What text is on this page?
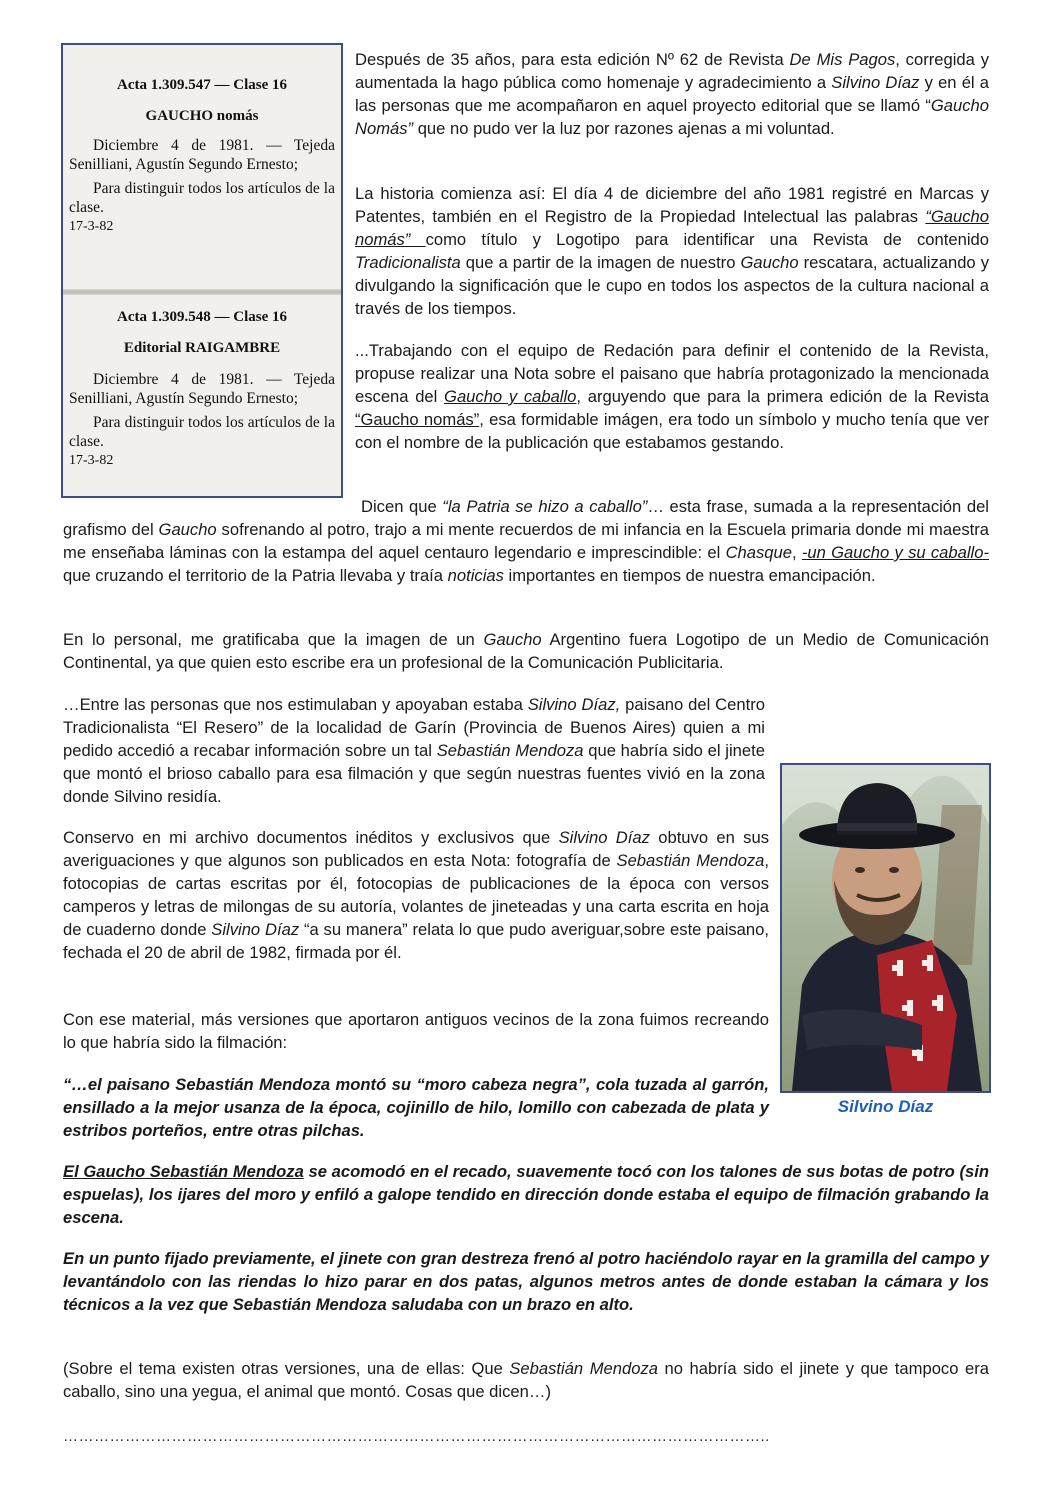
Acta 1.309.547 — Clase 16
GAUCHO nomás
Diciembre 4 de 1981. — Tejeda Senilliani, Agustín Segundo Ernesto;
Para distinguir todos los artículos de la clase.
17-3-82
Acta 1.309.548 — Clase 16
Editorial RAIGAMBRE
Diciembre 4 de 1981. — Tejeda Senilliani, Agustín Segundo Ernesto;
Para distinguir todos los artículos de la clase.
17-3-82

Después de 35 años, para esta edición Nº 62 de Revista De Mis Pagos, corregida y aumentada la hago pública como homenaje y agradecimiento a Silvino Díaz y en él a las personas que me acompañaron en aquel proyecto editorial que se llamó “Gaucho Nomás” que no pudo ver la luz por razones ajenas a mi voluntad.

La historia comienza así: El día 4 de diciembre del año 1981 registré en Marcas y Patentes, también en el Registro de la Propiedad Intelectual las palabras “Gaucho nomás” como título y Logotipo para identificar una Revista de contenido Tradicionalista que a partir de la imagen de nuestro Gaucho rescatara, actualizando y divulgando la significación que le cupo en todos los aspectos de la cultura nacional a través de los tiempos.

...Trabajando con el equipo de Redación para definir el contenido de la Revista, propuse realizar una Nota sobre el paisano que habría protagonizado la mencionada escena del Gaucho y caballo, arguyendo que para la primera edición de la Revista “Gaucho nomás”, esa formidable imágen, era todo un símbolo y mucho tenía que ver con el nombre de la publicación que estabamos gestando.

Dicen que “la Patria se hizo a caballo”… esta frase, sumada a la representación del grafismo del Gaucho sofrenando al potro, trajo a mi mente recuerdos de mi infancia en la Escuela primaria donde mi maestra me enseñaba láminas con la estampa del aquel centauro legendario e imprescindible: el Chasque, -un Gaucho y su caballo- que cruzando el territorio de la Patria llevaba y traía noticias importantes en tiempos de nuestra emancipación.

En lo personal, me gratificaba que la imagen de un Gaucho Argentino fuera Logotipo de un Medio de Comunicación Continental, ya que quien esto escribe era un profesional de la Comunicación Publicitaria.

…Entre las personas que nos estimulaban y apoyaban estaba Silvino Díaz, paisano del Centro Tradicionalista “El Resero” de la localidad de Garín (Provincia de Buenos Aires) quien a mi pedido accedió a recabar información sobre un tal Sebastián Mendoza que habría sido el jinete que montó el brioso caballo para esa filmación y que según nuestras fuentes vivió en la zona donde Silvino residía.

Conservo en mi archivo documentos inéditos y exclusivos que Silvino Díaz obtuvo en sus averiguaciones y que algunos son publicados en esta Nota: fotografía de Sebastián Mendoza, fotocopias de cartas escritas por él, fotocopias de publicaciones de la época con versos camperos y letras de milongas de su autoría, volantes de jineteadas y una carta escrita en hoja de cuaderno donde Silvino Díaz “a su manera” relata lo que pudo averiguar,sobre este paisano, fechada el 20 de abril de 1982, firmada por él.

Con ese material, más versiones que aportaron antiguos vecinos de la zona fuimos recreando lo que habría sido la filmación:

“…el paisano Sebastián Mendoza montó su “moro cabeza negra”, cola tuzada al garrón, ensillado a la mejor usanza de la época, cojinillo de hilo, lomillo con cabezada de plata y estribos porteños, entre otras pilchas.

El Gaucho Sebastián Mendoza se acomodó en el recado, suavemente tocó con los talones de sus botas de potro (sin espuelas), los ijares del moro y enfiló a galope tendido en dirección donde estaba el equipo de filmación grabando la escena.

En un punto fijado previamente, el jinete con gran destreza frenó al potro haciéndolo rayar en la gramilla del campo y levantándolo con las riendas lo hizo parar en dos patas, algunos metros antes de donde estaban la cámara y los técnicos a la vez que Sebastián Mendoza saludaba con un brazo en alto.

(Sobre el tema existen otras versiones, una de ellas: Que Sebastián Mendoza no habría sido el jinete y que tampoco era caballo, sino una yegua, el animal que montó. Cosas que dicen…)

Silvino Díaz
………………………………………………………………………………………………………………………..
